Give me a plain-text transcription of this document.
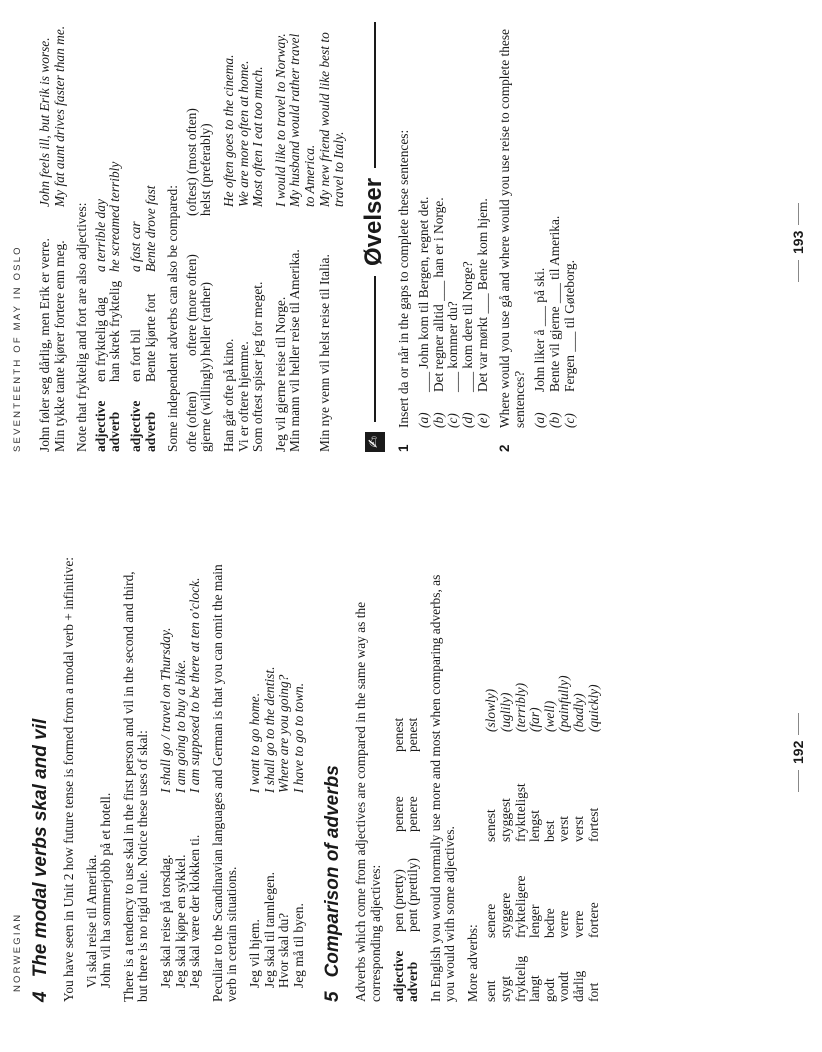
NORWEGIAN
4
The modal verbs skal and vil You have seen in Unit 2 how future tense is formed from a modal verb + infinitive: Vi skal reise til Amerika. John vil ha sommerjobb på et hotell. There is a tendency to use skal in the first person and vil in the second and third, but there is no rigid rule. Notice these uses of skal: Jeg skal reise på torsdag.
I shall go / travel on Thursday.
Jeg skal kjøpe en sykkel.
I am going to buy a bike.
Jeg skal være der klokken ti.
I am supposed to be there at ten o'clock. Peculiar to the Scandinavian languages and German is that you can omit the main verb in certain situations. Jeg vil hjem.
I want to go home.
Jeg skal til tannlegen.
I shall go to the dentist.
Hvor skal du?
Where are you going?
Jeg må til byen.
I have to go to town.
5
Comparison of adverbs Adverbs which come from adjectives are compared in the same way as the corresponding adjectives: adjective
pen (pretty)
penere
penest
adverb
pent (prettily)
penere
penest In English you would normally use more and most when comparing adverbs, as you would with some adjectives. More adverbs: sent
senere
senest
(slowly)
stygt
styggere
styggest
(uglily)
fryktelig
frykteligere
fryktteligst
(terribly)
langt
lenger
lengst
(far)
godt
bedre
best
(well)
vondt
verre
verst
(painfully)
dårlig
verre
verst
(badly)
fort
fortere
fortest
(quickly)
192
SEVENTEENTH OF MAY IN OSLO John føler seg dårlig, men Erik er verre.
John feels ill, but Erik is worse.
Min tykke tante kjører fortere enn meg.
My fat aunt drives faster than me.

Note that fryktelig and fort are also adjectives: adjective
en fryktelig dag
a terrible day
adverb
han skrek fryktelig
he screamed terribly
adjective
en fort bil
a fast car
adverb
Bente kjørte fort
Bente drove fast Some independent adverbs can also be compared: ofte (often)
oftere (more often)
(oftest) (most often)
gjerne (willingly)
heller (rather)
helst (preferably)
Han går ofte på kino.
He often goes to the cinema.
Vi er oftere hjemme.
We are more often at home.
Som oftest spiser jeg for meget.
Most often I eat too much.
Jeg vil gjerne reise til Norge.
I would like to travel to Norway.
Min mann vil heller reise til Amerika.
My husband would rather travel to America.
Min nye venn vil helst reise til Italia.
My new friend would like best to travel to Italy.
✍
Øvelser
1
Insert da or når in the gaps to complete these sentences: (a)
___ John kom til Bergen, regnet det.
(b)
Det regner alltid ___ han er i Norge.
(c)
___ kommer du?
(d)
___ kom dere til Norge?
(e)
Det var mørkt ___ Bente kom hjem.
2
Where would you use gå and where would you use reise to complete these sentences? (a)
John liker å ___ på ski.
(b)
Bente vil gjerne ___ til Amerika.
(c)
Fergen ___ til Gøteborg.
193
